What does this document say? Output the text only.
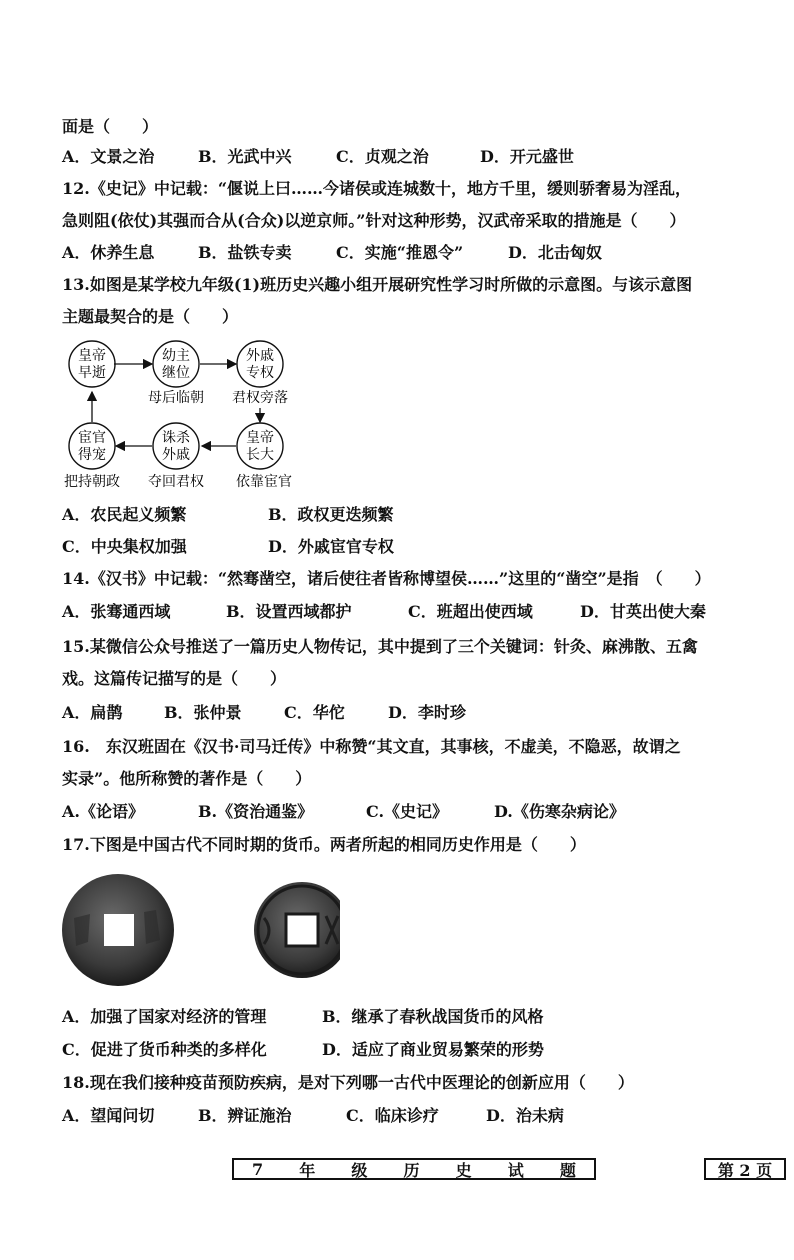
面是（　　）
A．文景之治	B．光武中兴	C．贞观之治	D．开元盛世
12.《史记》中记载：“偃说上曰……今诸侯或连城数十，地方千里，缓则骄奢易为淫乱，
急则阻(依仗)其强而合从(合众)以逆京师。”针对这种形势，汉武帝采取的措施是（　　）
A．休养生息	B．盐铁专卖	C．实施“推恩令”	D．北击匈奴
13.如图是某学校九年级(1)班历史兴趣小组开展研究性学习时所做的示意图。与该示意图
主题最契合的是（　　）
皇帝
早逝
幼主
继位
母后临朝
外戚
专权
君权旁落
皇帝
长大
依靠宦官
诛杀
外戚
夺回君权
宦官
得宠
把持朝政
A．农民起义频繁	B．政权更迭频繁
C．中央集权加强	D．外戚宦官专权
14.《汉书》中记载：“然骞凿空，诸后使往者皆称博望侯……”这里的“凿空”是指　（　　）
A．张骞通西域	B．设置西域都护	C．班超出使西域	D．甘英出使大秦
15.某微信公众号推送了一篇历史人物传记，其中提到了三个关键词：针灸、麻沸散、五禽
戏。这篇传记描写的是（　　）
A．扁鹊	B．张仲景	C．华佗	D．李时珍
16.　东汉班固在《汉书·司马迁传》中称赞“其文直，其事核，不虚美，不隐恶，故谓之
实录”。他所称赞的著作是（　　）
A.《论语》	B.《资治通鉴》	C.《史记》	D.《伤寒杂病论》
17.下图是中国古代不同时期的货币。两者所起的相同历史作用是（　　）
A．加强了国家对经济的管理	B．继承了春秋战国货币的风格
C．促进了货币种类的多样化	D．适应了商业贸易繁荣的形势
18.现在我们接种疫苗预防疾病，是对下列哪一古代中医理论的创新应用（　　）
A．望闻问切	B．辨证施治	C．临床诊疗	D．治未病
7 年 级 历 史 试 题	第 2 页
